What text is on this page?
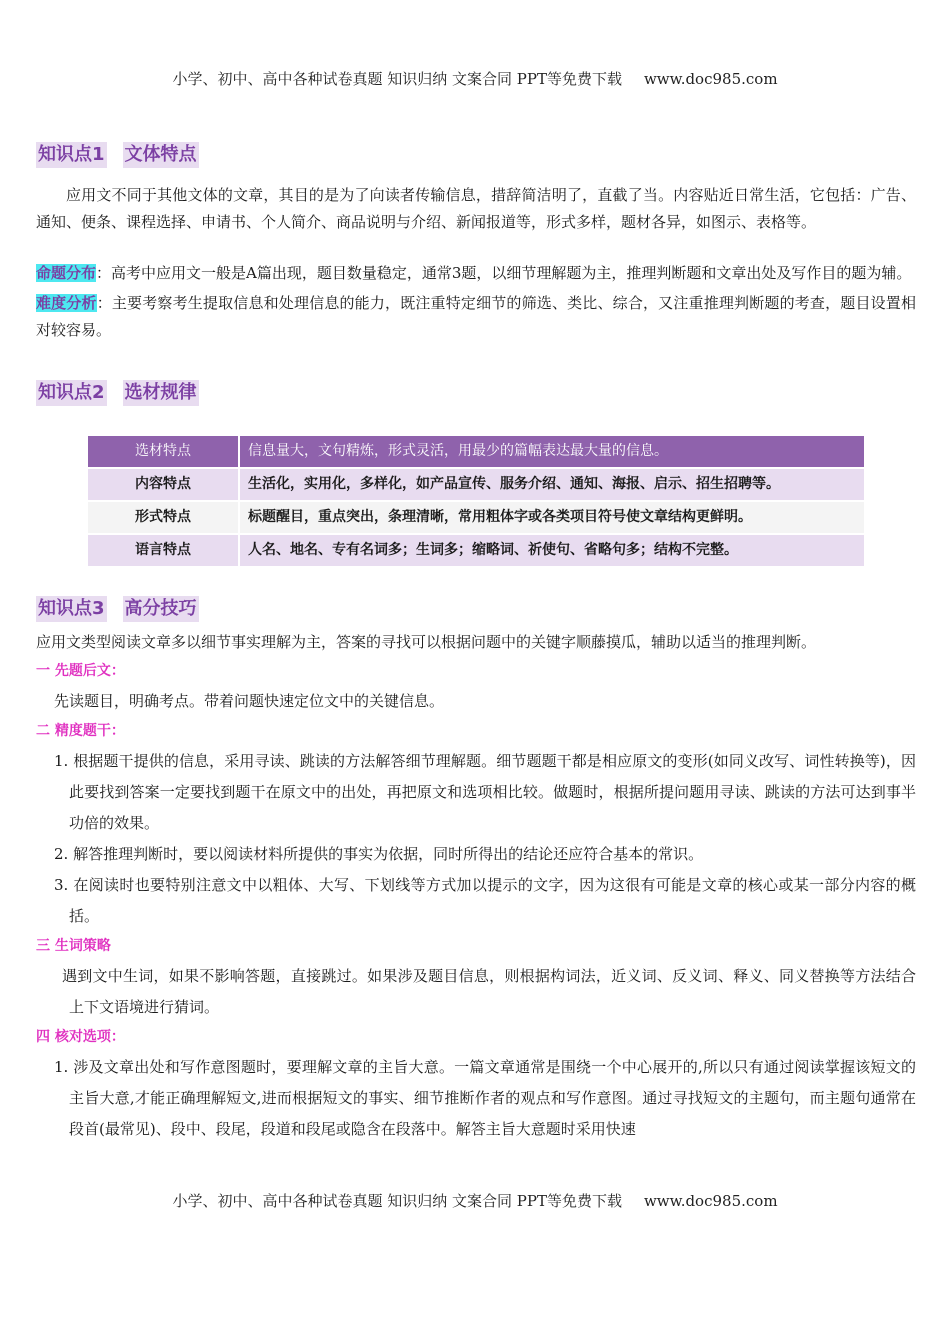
小学、初中、高中各种试卷真题 知识归纳 文案合同 PPT等免费下载 www.doc985.com
知识点1 文体特点

应用文不同于其他文体的文章，其目的是为了向读者传输信息，措辞简洁明了，直截了当。内容贴近日常生活，它包括：广告、通知、便条、课程选择、申请书、个人简介、商品说明与介绍、新闻报道等，形式多样，题材各异，如图示、表格等。

命题分布：高考中应用文一般是A篇出现，题目数量稳定，通常3题，以细节理解题为主，推理判断题和文章出处及写作目的题为辅。

难度分析：主要考察考生提取信息和处理信息的能力，既注重特定细节的筛选、类比、综合，又注重推理判断题的考查，题目设置相对较容易。

知识点2 选材规律
选材特点	信息量大，文句精炼，形式灵活，用最少的篇幅表达最大量的信息。
内容特点	生活化，实用化，多样化，如产品宣传、服务介绍、通知、海报、启示、招生招聘等。
形式特点	标题醒目，重点突出，条理清晰，常用粗体字或各类项目符号使文章结构更鲜明。
语言特点	人名、地名、专有名词多；生词多；缩略词、祈使句、省略句多；结构不完整。
知识点3 高分技巧

应用文类型阅读文章多以细节事实理解为主，答案的寻找可以根据问题中的关键字顺藤摸瓜，辅助以适当的推理判断。

一 先题后文：

先读题目，明确考点。带着问题快速定位文中的关键信息。

二 精度题干：

1. 根据题干提供的信息，采用寻读、跳读的方法解答细节理解题。细节题题干都是相应原文的变形(如同义改写、词性转换等)，因此要找到答案一定要找到题干在原文中的出处，再把原文和选项相比较。做题时，根据所提问题用寻读、跳读的方法可达到事半功倍的效果。

2. 解答推理判断时，要以阅读材料所提供的事实为依据，同时所得出的结论还应符合基本的常识。

3. 在阅读时也要特别注意文中以粗体、大写、下划线等方式加以提示的文字，因为这很有可能是文章的核心或某一部分内容的概括。

三 生词策略

遇到文中生词，如果不影响答题，直接跳过。如果涉及题目信息，则根据构词法，近义词、反义词、释义、同义替换等方法结合上下文语境进行猜词。

四 核对选项：

1. 涉及文章出处和写作意图题时，要理解文章的主旨大意。一篇文章通常是围绕一个中心展开的,所以只有通过阅读掌握该短文的主旨大意,才能正确理解短文,进而根据短文的事实、细节推断作者的观点和写作意图。通过寻找短文的主题句，而主题句通常在段首(最常见)、段中、段尾，段道和段尾或隐含在段落中。解答主旨大意题时采用快速

小学、初中、高中各种试卷真题 知识归纳 文案合同 PPT等免费下载 www.doc985.com
